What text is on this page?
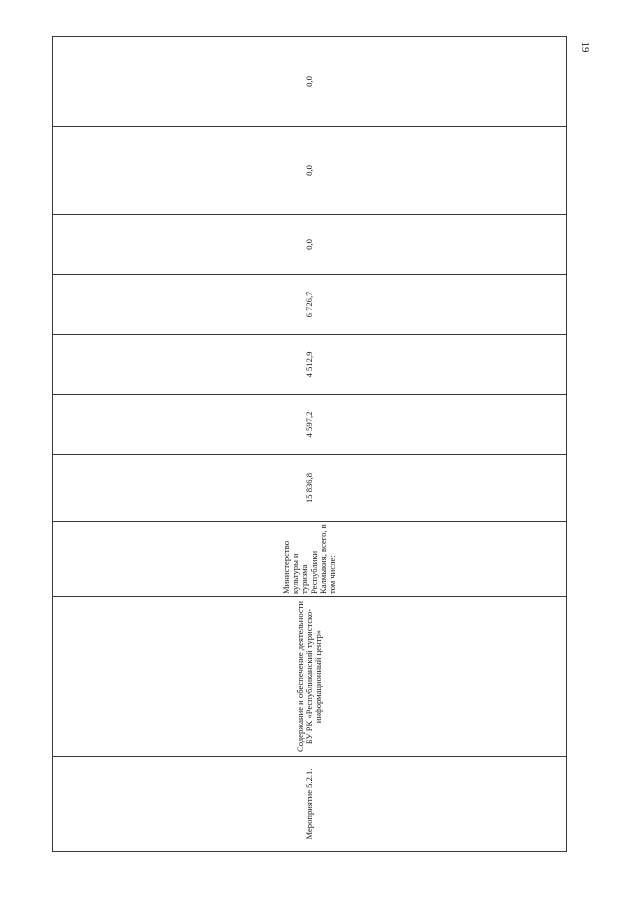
19
Мероприятие 5.2.1.	Содержание и обеспечение деятельности БУ РК «Республиканский туристско-информационный центр»	Министерство культуры и туризма Республики Калмыкия, всего, в том числе:	15 836,8	4 597,2	4 512,9	6 726,7	0,0	0,0	0,0
